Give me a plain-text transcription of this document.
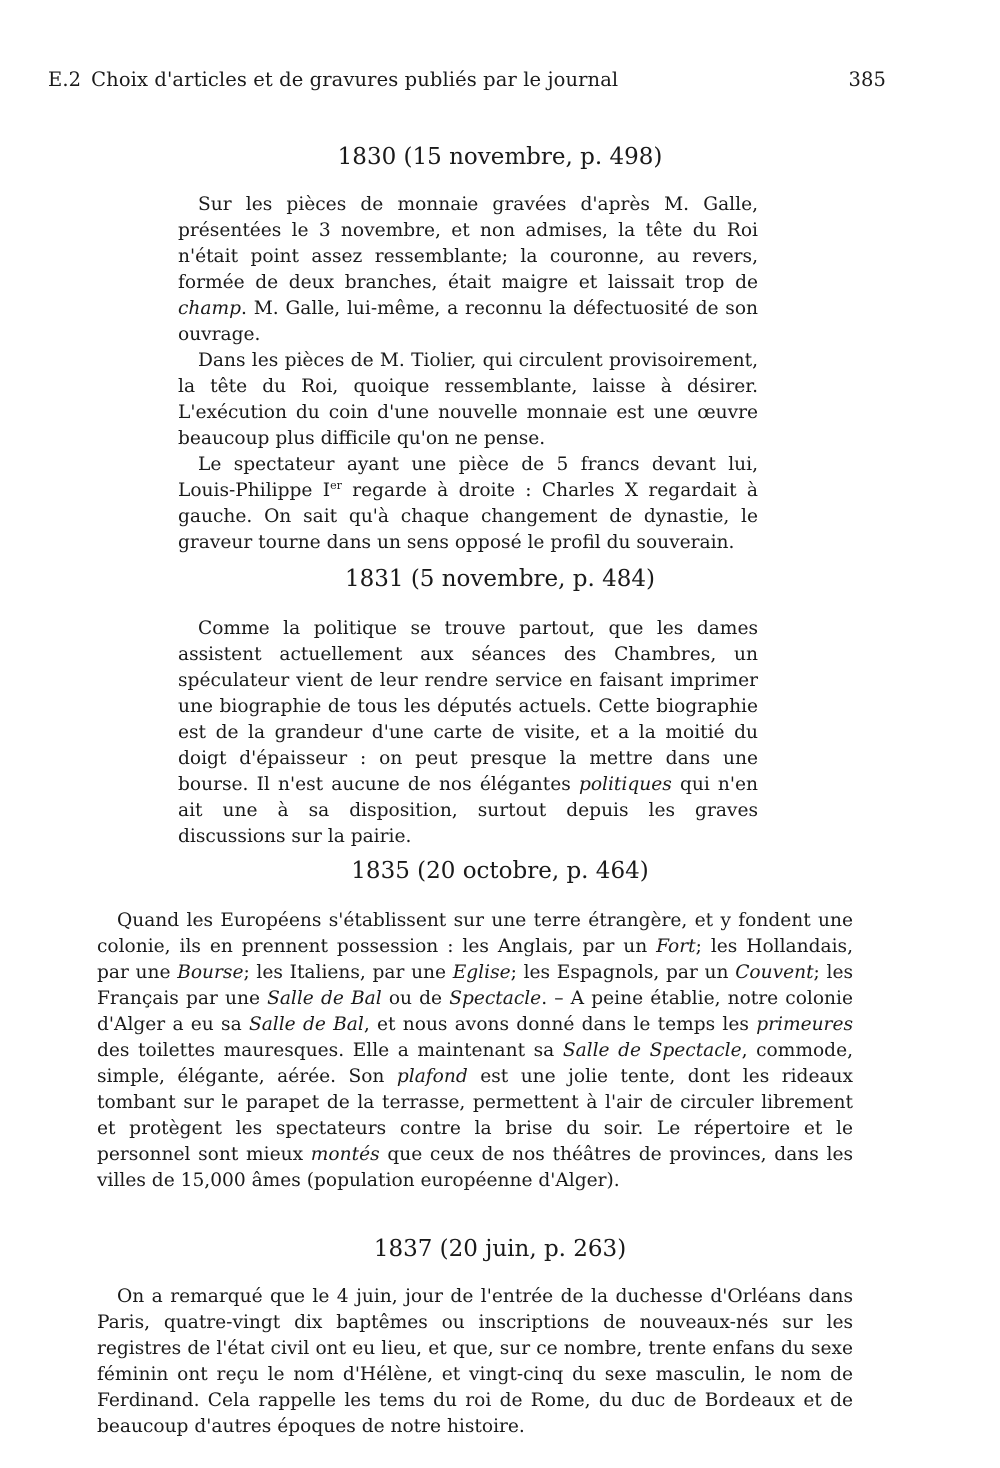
E.2 Choix d'articles et de gravures publiés par le journal	385
1830 (15 novembre, p. 498)

Sur les pièces de monnaie gravées d'après M. Galle, présentées le 3 novembre, et non admises, la tête du Roi n'était point assez ressemblante; la couronne, au revers, formée de deux branches, était maigre et laissait trop de champ. M. Galle, lui-même, a reconnu la défectuosité de son ouvrage.

Dans les pièces de M. Tiolier, qui circulent provisoirement, la tête du Roi, quoique ressemblante, laisse à désirer. L'exécution du coin d'une nouvelle monnaie est une œuvre beaucoup plus difficile qu'on ne pense.

Le spectateur ayant une pièce de 5 francs devant lui, Louis-Philippe Ier regarde à droite : Charles X regardait à gauche. On sait qu'à chaque changement de dynastie, le graveur tourne dans un sens opposé le profil du souverain.

1831 (5 novembre, p. 484)

Comme la politique se trouve partout, que les dames assistent actuellement aux séances des Chambres, un spéculateur vient de leur rendre service en faisant imprimer une biographie de tous les députés actuels. Cette biographie est de la grandeur d'une carte de visite, et a la moitié du doigt d'épaisseur : on peut presque la mettre dans une bourse. Il n'est aucune de nos élégantes politiques qui n'en ait une à sa disposition, surtout depuis les graves discussions sur la pairie.

1835 (20 octobre, p. 464)

Quand les Européens s'établissent sur une terre étrangère, et y fondent une colonie, ils en prennent possession : les Anglais, par un Fort; les Hollandais, par une Bourse; les Italiens, par une Eglise; les Espagnols, par un Couvent; les Français par une Salle de Bal ou de Spectacle. – A peine établie, notre colonie d'Alger a eu sa Salle de Bal, et nous avons donné dans le temps les primeures des toilettes mauresques. Elle a maintenant sa Salle de Spectacle, commode, simple, élégante, aérée. Son plafond est une jolie tente, dont les rideaux tombant sur le parapet de la terrasse, permettent à l'air de circuler librement et protègent les spectateurs contre la brise du soir. Le répertoire et le personnel sont mieux montés que ceux de nos théâtres de provinces, dans les villes de 15,000 âmes (population européenne d'Alger).

1837 (20 juin, p. 263)

On a remarqué que le 4 juin, jour de l'entrée de la duchesse d'Orléans dans Paris, quatre-vingt dix baptêmes ou inscriptions de nouveaux-nés sur les registres de l'état civil ont eu lieu, et que, sur ce nombre, trente enfans du sexe féminin ont reçu le nom d'Hélène, et vingt-cinq du sexe masculin, le nom de Ferdinand. Cela rappelle les tems du roi de Rome, du duc de Bordeaux et de beaucoup d'autres époques de notre histoire.
